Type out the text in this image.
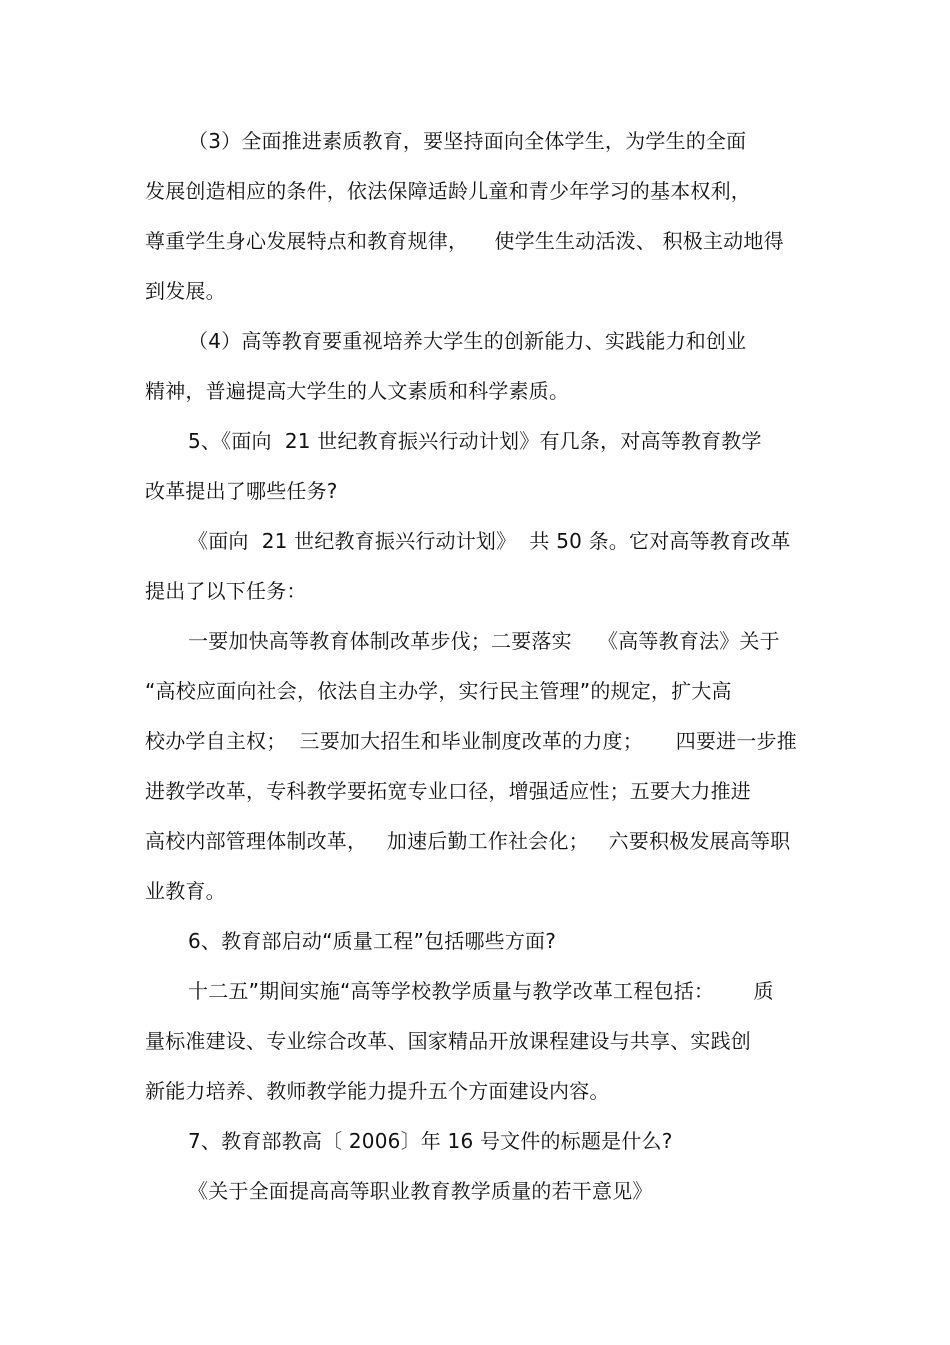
（3）全面推进素质教育，要坚持面向全体学生，为学生的全面
发展创造相应的条件，依法保障适龄儿童和青少年学习的基本权利，
尊重学生身心发展特点和教育规律，    使学生生动活泼、 积极主动地得
到发展。
（4）高等教育要重视培养大学生的创新能力、实践能力和创业
精神，普遍提高大学生的人文素质和科学素质。
5、《面向  21 世纪教育振兴行动计划》有几条，对高等教育教学
改革提出了哪些任务?
《面向  21 世纪教育振兴行动计划》  共 50 条。它对高等教育改革
提出了以下任务：
一要加快高等教育体制改革步伐；二要落实    《高等教育法》关于
“高校应面向社会，依法自主办学，实行民主管理”的规定，扩大高
校办学自主权；  三要加大招生和毕业制度改革的力度；     四要进一步推
进教学改革，专科教学要拓宽专业口径，增强适应性；五要大力推进
高校内部管理体制改革，   加速后勤工作社会化；   六要积极发展高等职
业教育。
6、教育部启动“质量工程”包括哪些方面?
十二五”期间实施“高等学校教学质量与教学改革工程包括：      质
量标准建设、专业综合改革、国家精品开放课程建设与共享、实践创
新能力培养、教师教学能力提升五个方面建设内容。
7、教育部教高〔 2006〕年 16 号文件的标题是什么?
《关于全面提高高等职业教育教学质量的若干意见》
